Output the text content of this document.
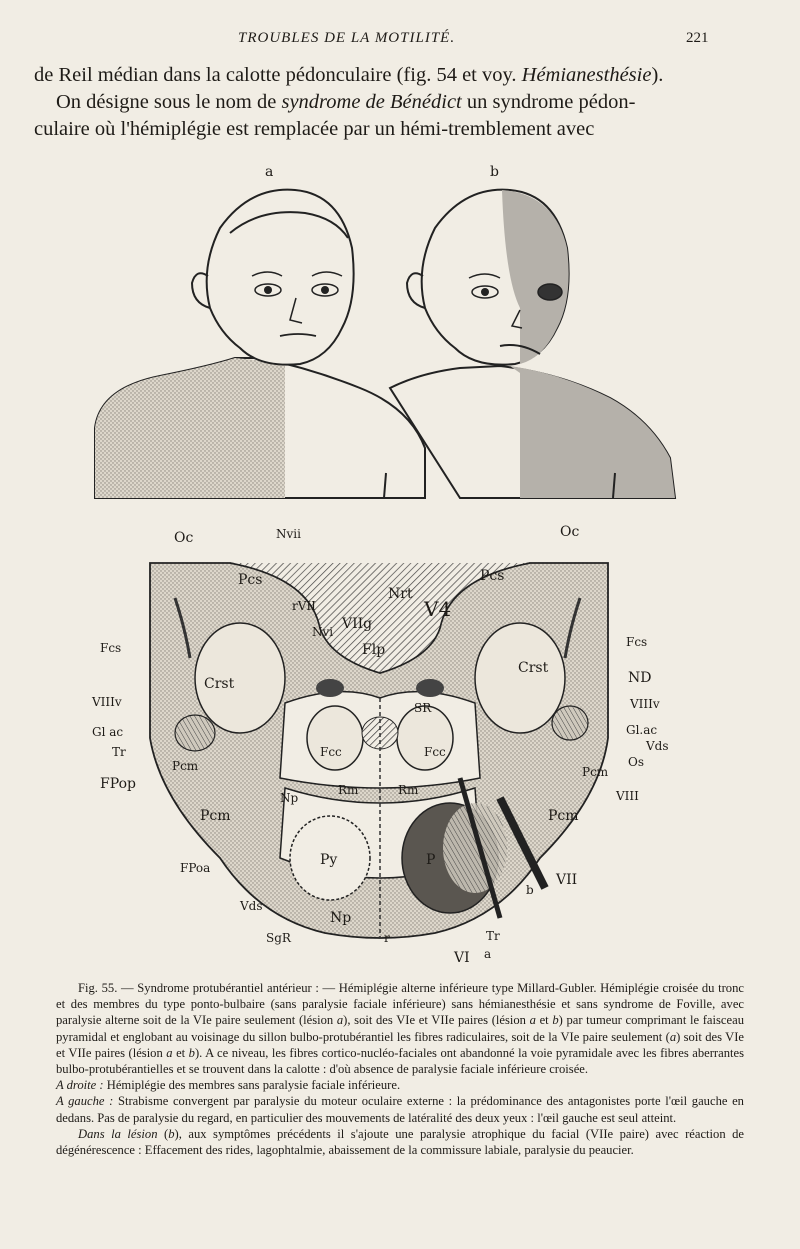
TROUBLES DE LA MOTILITÉ.	221
de Reil médian dans la calotte pédonculaire (fig. 54 et voy. Hémianesthésie).
On désigne sous le nom de syndrome de Bénédict un syndrome pédon-
culaire où l'hémiplégie est remplacée par un hémi-tremblement avec
a	b
Oc	Oc
Nvii
Nrt
V4
Pcs	Pcs
rVII
Nvi VIIg
Flp
Fcs	Fcs
Crst
Crst
ND
VIIIv	VIIIv
SR
Gl ac	Gl.ac
Vds
Tr
Os
Fcc	Fcc
Pcm	Pcm
FPop
Np
Rm	Rm	VIII
Pcm	Pcm
FPoa	Py	P
VII
b
Vds
Np
SgR	r	Tr
VI a

Fig. 55. — Syndrome protubérantiel antérieur : — Hémiplégie alterne inférieure type Millard-Gubler. Hémiplégie croisée du tronc et des membres du type ponto-bulbaire (sans paralysie faciale inférieure) sans hémianesthésie et sans syndrome de Foville, avec paralysie alterne soit de la VIe paire seulement (lésion a), soit des VIe et VIIe paires (lésion a et b) par tumeur comprimant le faisceau pyramidal et englobant au voisinage du sillon bulbo-protubérantiel les fibres radiculaires, soit de la VIe paire seulement (a) soit des VIe et VIIe paires (lésion a et b). A ce niveau, les fibres cortico-nucléo-faciales ont abandonné la voie pyramidale avec les fibres aberrantes bulbo-protubérantielles et se trouvent dans la calotte : d'où absence de paralysie faciale inférieure croisée.

A droite : Hémiplégie des membres sans paralysie faciale inférieure.

A gauche : Strabisme convergent par paralysie du moteur oculaire externe : la prédominance des antagonistes porte l'œil gauche en dedans. Pas de paralysie du regard, en particulier des mouvements de latéralité des deux yeux : l'œil gauche est seul atteint.

Dans la lésion (b), aux symptômes précédents il s'ajoute une paralysie atrophique du facial (VIIe paire) avec réaction de dégénérescence : Effacement des rides, lagophtalmie, abaissement de la commissure labiale, paralysie du peaucier.
